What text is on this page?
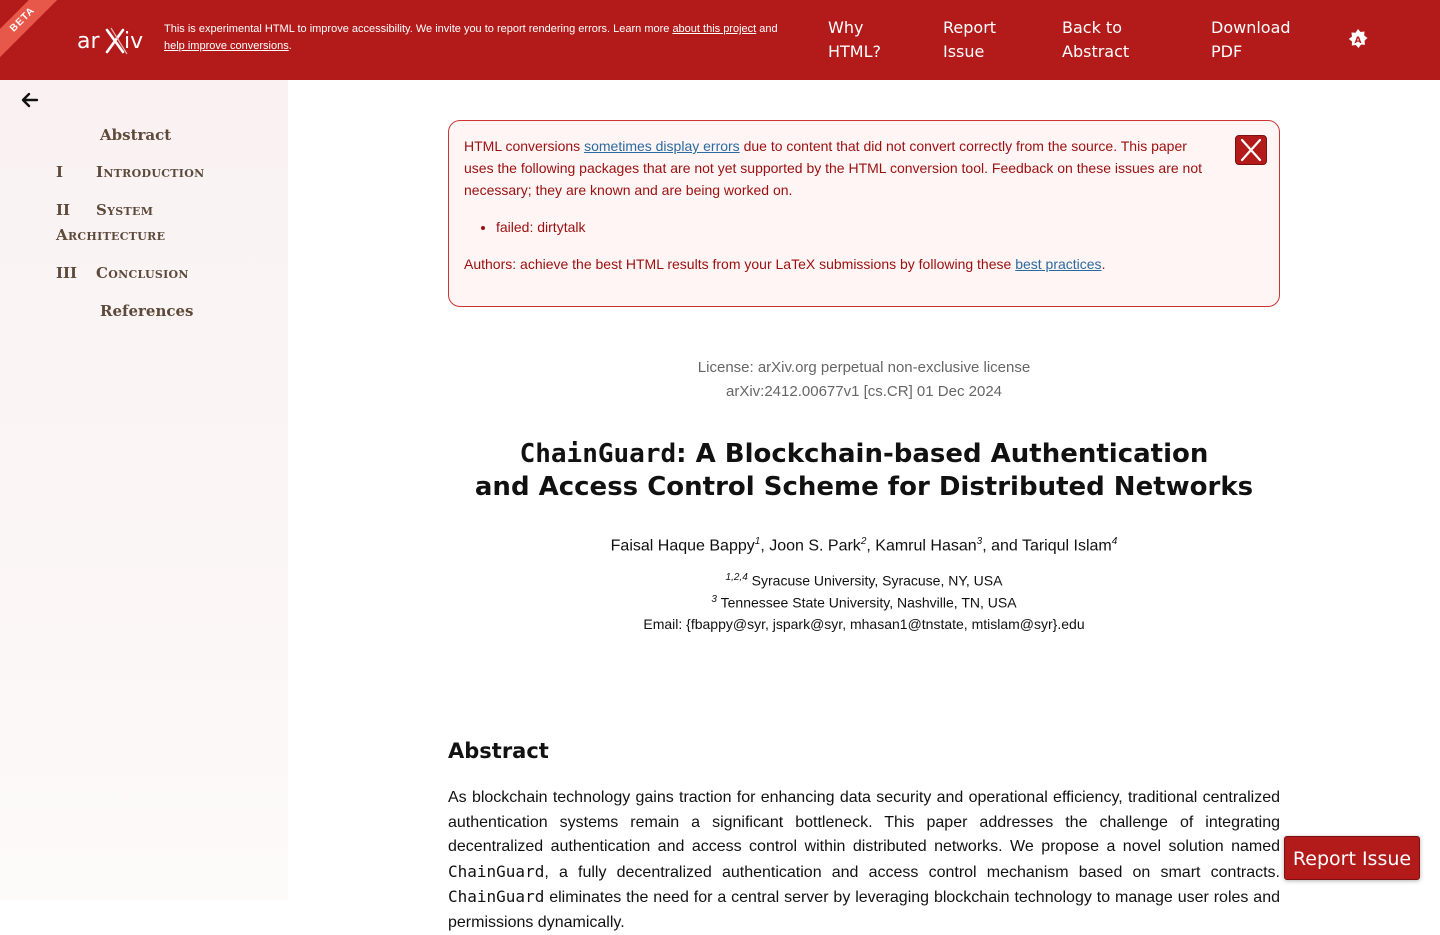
BETA
ar iv This is experimental HTML to improve accessibility. We invite you to report rendering errors. Learn more about this project and
help improve conversions.
Why HTML?
Report Issue
Back to Abstract
Download PDF
A
Abstract
I Introduction
II System Architecture
III Conclusion
References

HTML conversions sometimes display errors due to content that did not convert correctly from the source. This paper uses the following packages that are not yet supported by the HTML conversion tool. Feedback on these issues are not necessary; they are known and are being worked on.

• failed: dirtytalk

Authors: achieve the best HTML results from your LaTeX submissions by following these best practices.

License: arXiv.org perpetual non-exclusive license
arXiv:2412.00677v1 [cs.CR] 01 Dec 2024
ChainGuard: A Blockchain-based Authentication
and Access Control Scheme for Distributed Networks
Faisal Haque Bappy$^1$, Joon S. Park$^2$, Kamrul Hasan$^3$, and Tariqul Islam$^4$
$^{1,2,4}$ Syracuse University, Syracuse, NY, USA
$^3$ Tennessee State University, Nashville, TN, USA
Email: {fbappy@syr, jspark@syr, mhasan1@tnstate, mtislam@syr}.edu
Abstract

As blockchain technology gains traction for enhancing data security and operational efficiency, traditional centralized authentication systems remain a significant bottleneck. This paper addresses the challenge of integrating decentralized authentication and access control within distributed networks. We propose a novel solution named ChainGuard, a fully decentralized authentication and access control mechanism based on smart contracts. ChainGuard eliminates the need for a central server by leveraging blockchain technology to manage user roles and permissions dynamically.

Report Issue
